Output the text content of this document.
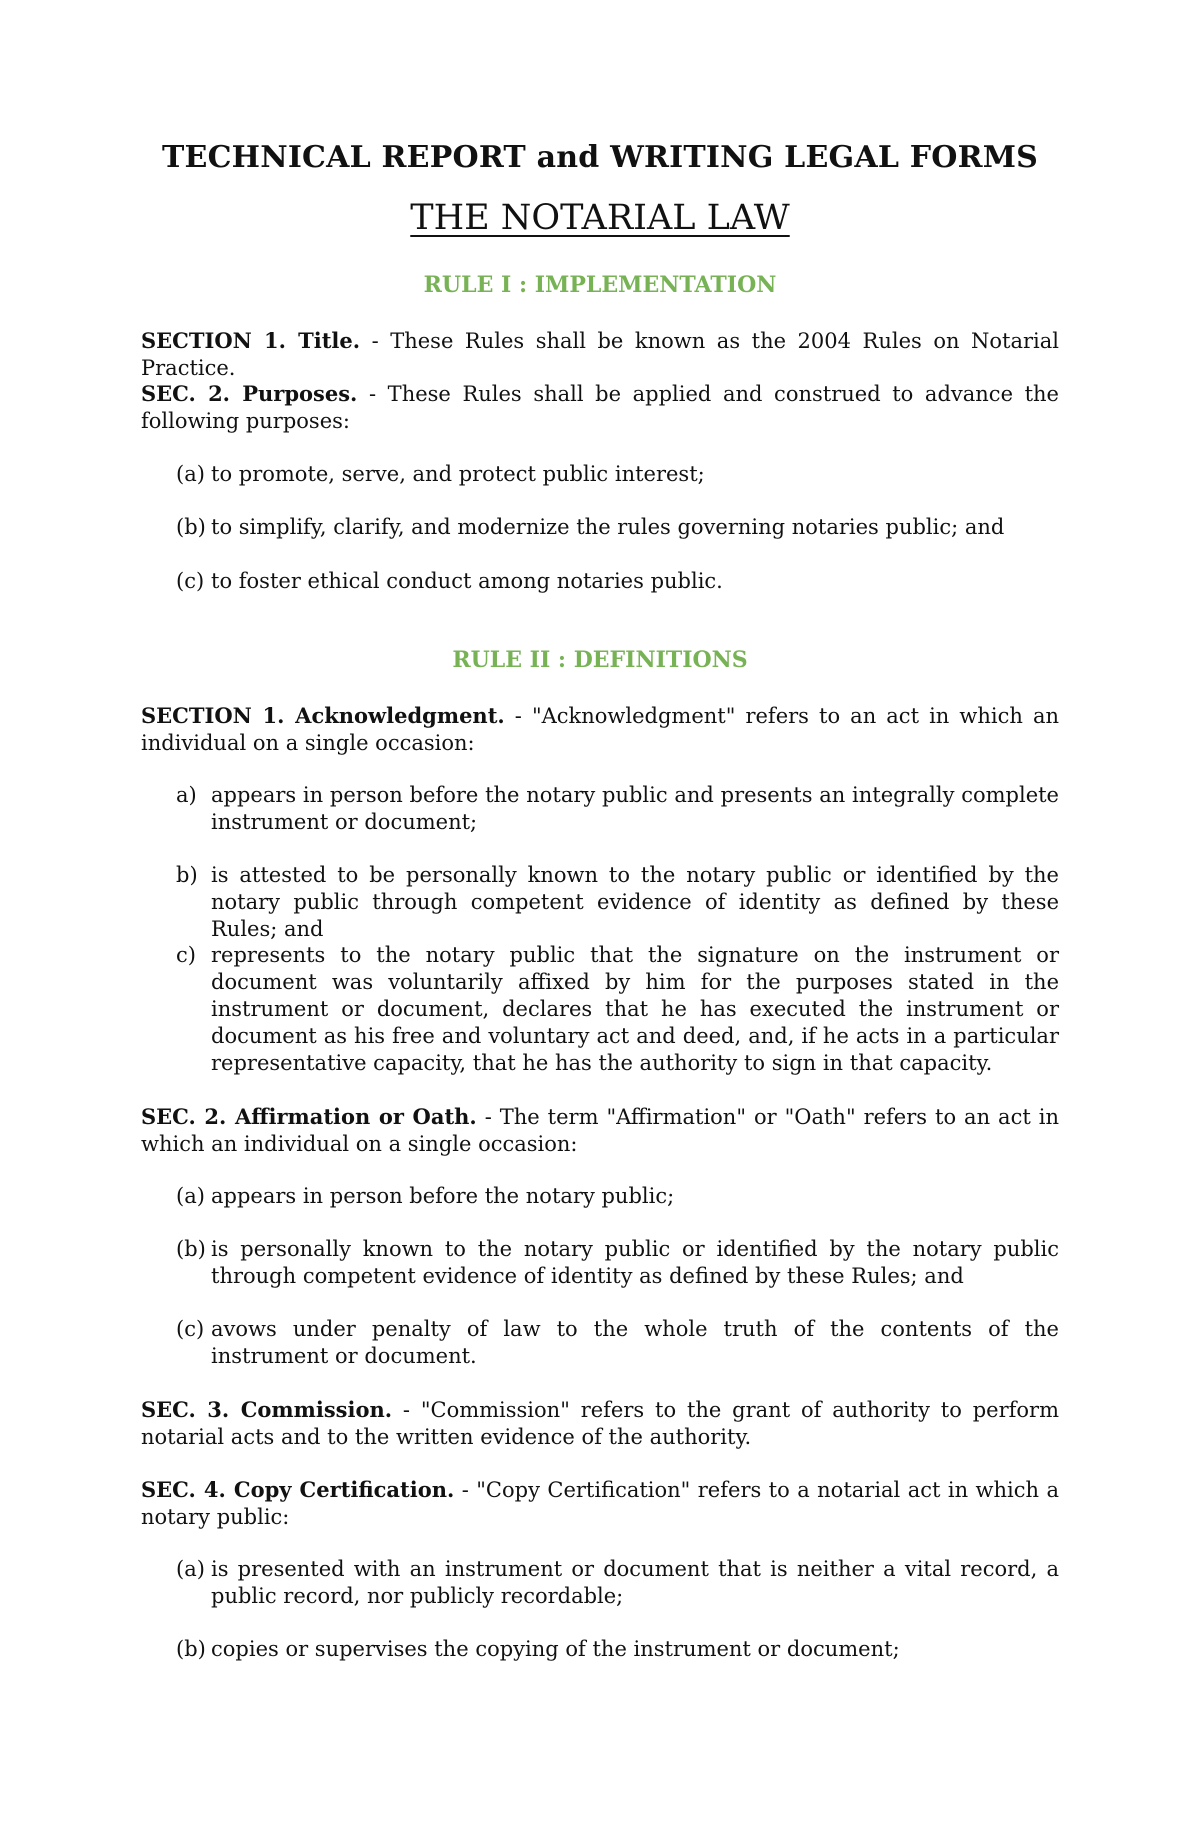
TECHNICAL REPORT and WRITING LEGAL FORMS
THE NOTARIAL LAW
RULE I : IMPLEMENTATION

SECTION 1. Title. - These Rules shall be known as the 2004 Rules on Notarial Practice.

SEC. 2. Purposes. - These Rules shall be applied and construed to advance the following purposes:

(a) to promote, serve, and protect public interest;

(b) to simplify, clarify, and modernize the rules governing notaries public; and

(c) to foster ethical conduct among notaries public.

RULE II : DEFINITIONS

SECTION 1. Acknowledgment. - "Acknowledgment" refers to an act in which an individual on a single occasion:

a) appears in person before the notary public and presents an integrally complete instrument or document;

b) is attested to be personally known to the notary public or identified by the notary public through competent evidence of identity as defined by these Rules; and

c) represents to the notary public that the signature on the instrument or document was voluntarily affixed by him for the purposes stated in the instrument or document, declares that he has executed the instrument or document as his free and voluntary act and deed, and, if he acts in a particular representative capacity, that he has the authority to sign in that capacity.

SEC. 2. Affirmation or Oath. - The term "Affirmation" or "Oath" refers to an act in which an individual on a single occasion:

(a) appears in person before the notary public;

(b) is personally known to the notary public or identified by the notary public through competent evidence of identity as defined by these Rules; and

(c) avows under penalty of law to the whole truth of the contents of the instrument or document.

SEC. 3. Commission. - "Commission" refers to the grant of authority to perform notarial acts and to the written evidence of the authority.

SEC. 4. Copy Certification. - "Copy Certification" refers to a notarial act in which a notary public:

(a) is presented with an instrument or document that is neither a vital record, a public record, nor publicly recordable;

(b) copies or supervises the copying of the instrument or document;
